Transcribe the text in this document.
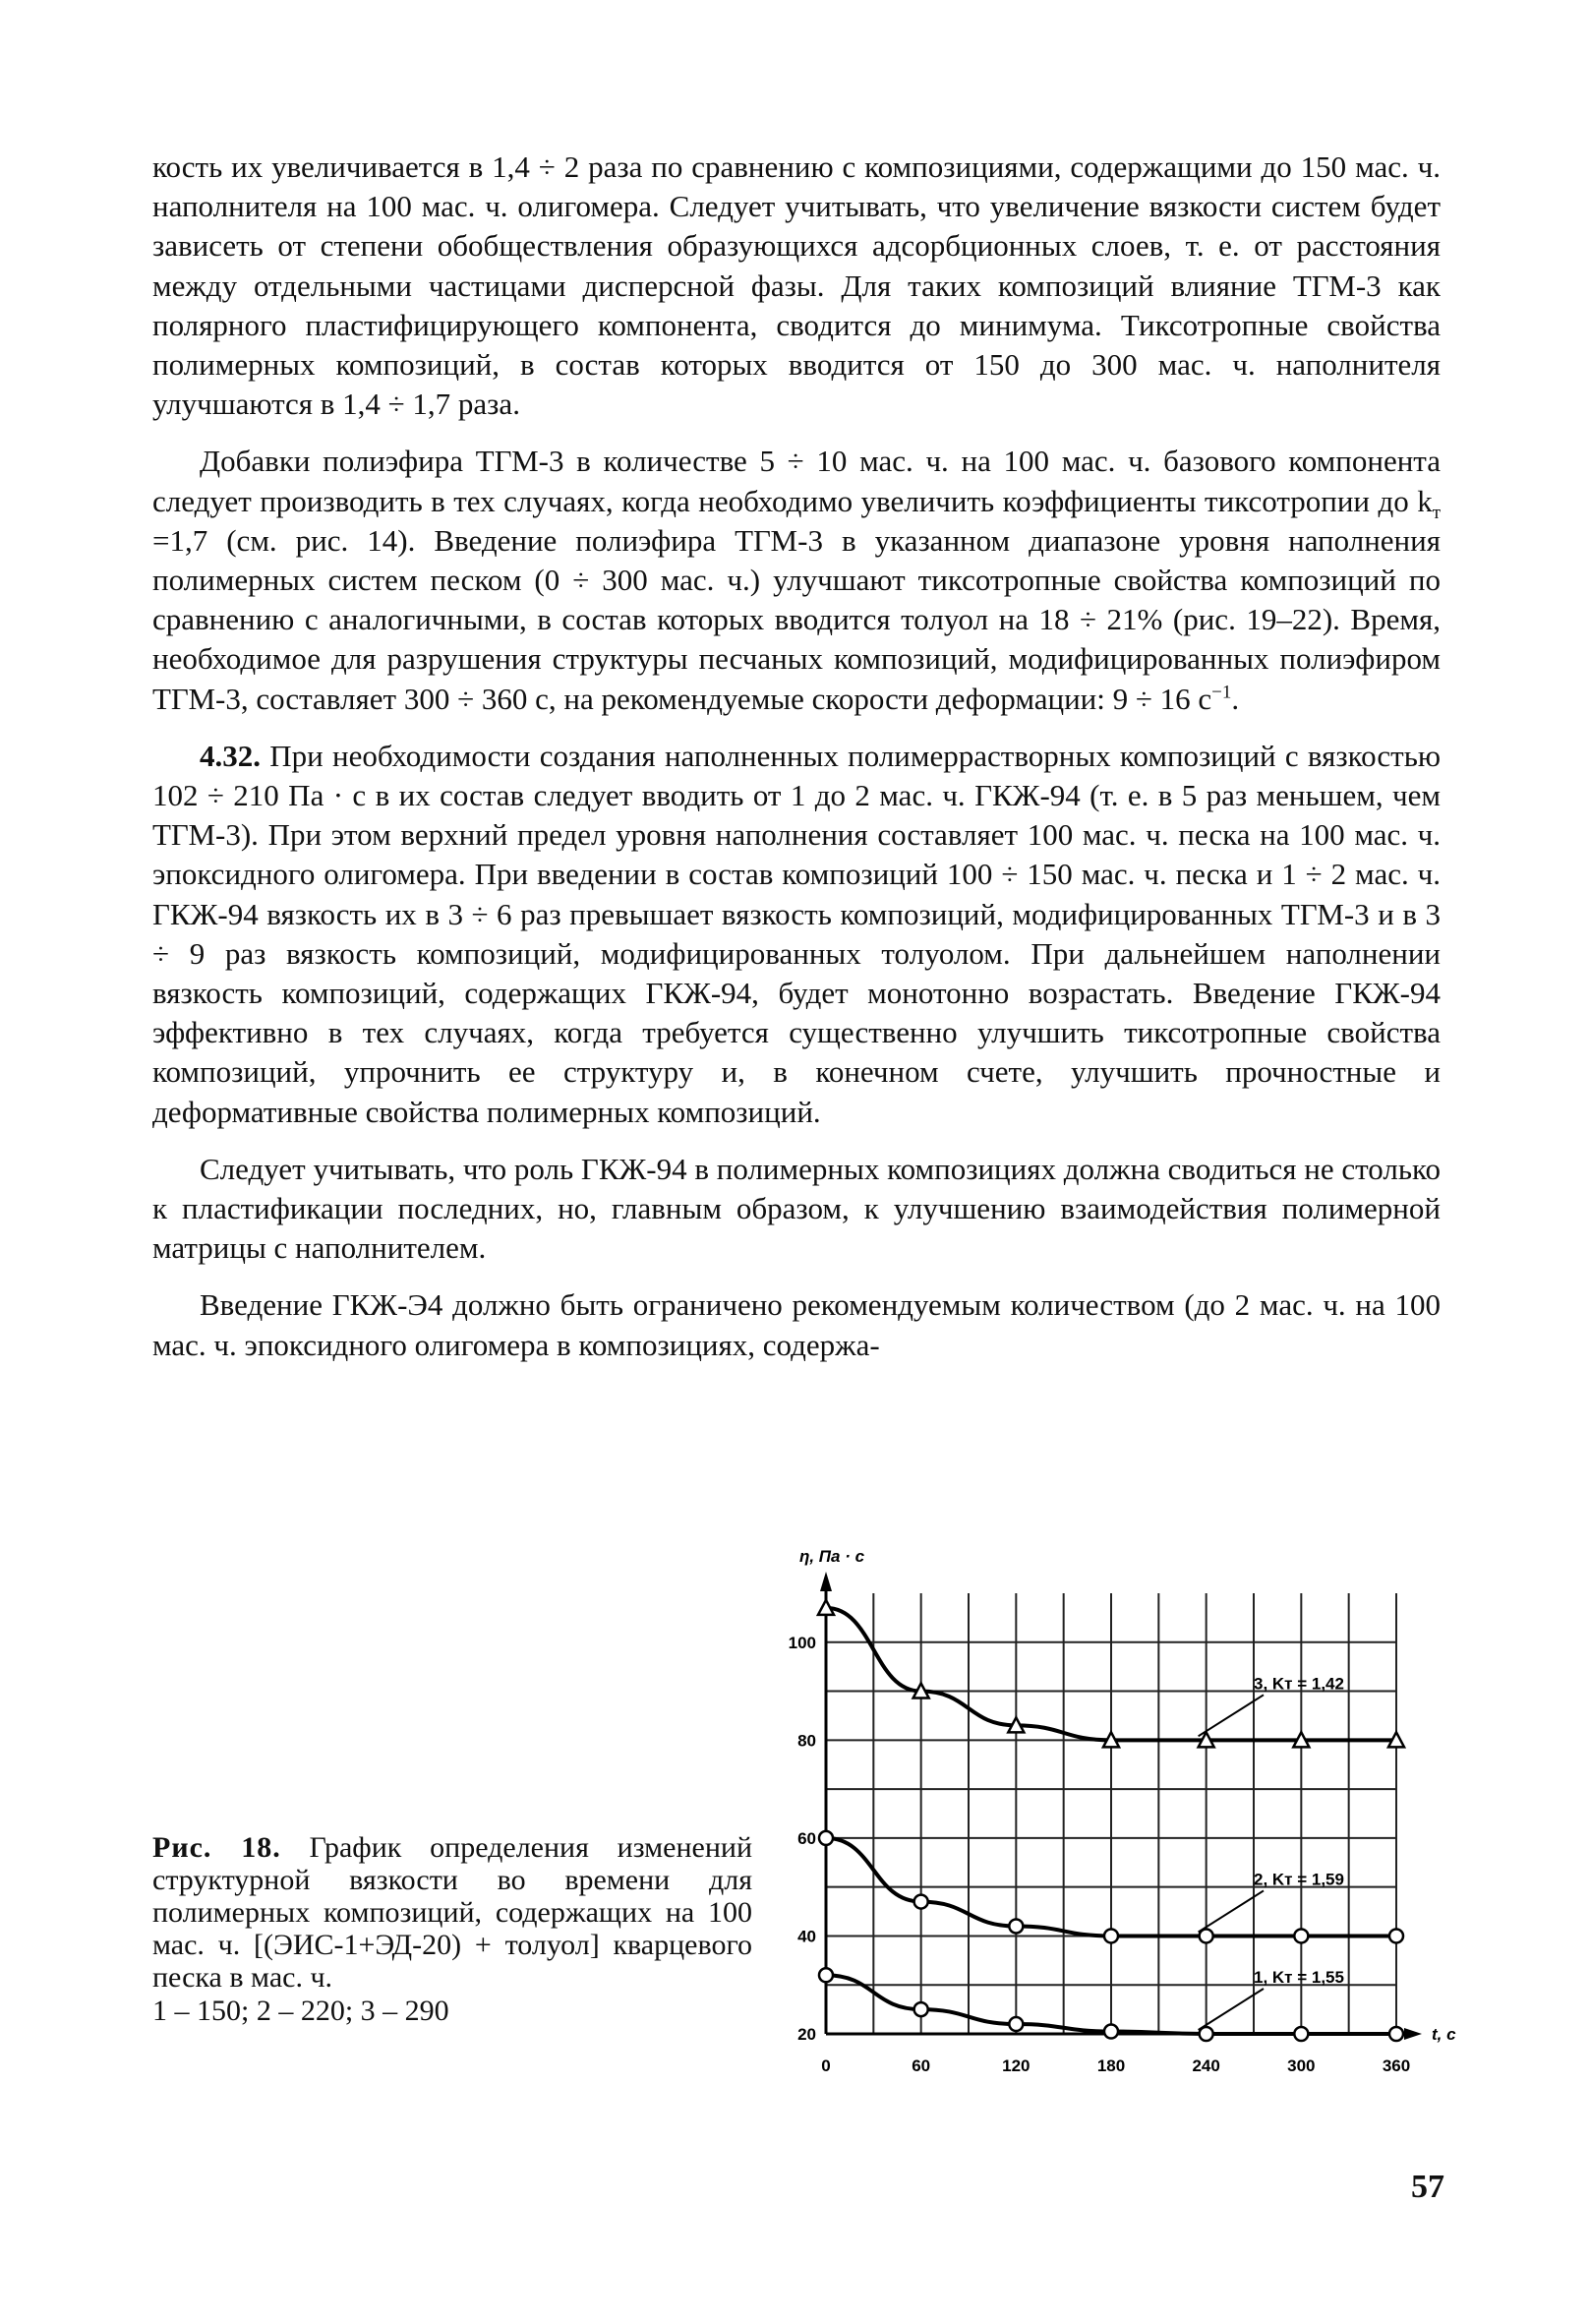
кость их увеличивается в 1,4 ÷ 2 раза по сравнению с композициями, содержащими до 150 мас. ч. наполнителя на 100 мас. ч. олигомера. Следует учитывать, что увеличение вязкости систем будет зависеть от степени обобществления образующихся адсорбционных слоев, т. е. от расстояния между отдельными частицами дисперсной фазы. Для таких композиций влияние ТГМ-3 как полярного пластифицирующего компонента, сводится до минимума. Тиксотропные свойства полимерных композиций, в состав которых вводится от 150 до 300 мас. ч. наполнителя улучшаются в 1,4 ÷ 1,7 раза.

Добавки полиэфира ТГМ-3 в количестве 5 ÷ 10 мас. ч. на 100 мас. ч. базового компонента следует производить в тех случаях, когда необходимо увеличить коэффициенты тиксотропии до $k_т =1,7$ (см. рис. 14). Введение полиэфира ТГМ-3 в указанном диапазоне уровня наполнения полимерных систем песком (0 ÷ 300 мас. ч.) улучшают тиксотропные свойства композиций по сравнению с аналогичными, в состав которых вводится толуол на 18 ÷ 21% (рис. 19–22). Время, необходимое для разрушения структуры песчаных композиций, модифицированных полиэфиром ТГМ-3, составляет 300 ÷ 360 с, на рекомендуемые скорости деформации: 9 ÷ 16 $с^{-1}$.

4.32. При необходимости создания наполненных полимеррастворных композиций с вязкостью 102 ÷ 210 Па · с в их состав следует вводить от 1 до 2 мас. ч. ГКЖ-94 (т. е. в 5 раз меньшем, чем ТГМ-3). При этом верхний предел уровня наполнения составляет 100 мас. ч. песка на 100 мас. ч. эпоксидного олигомера. При введении в состав композиций 100 ÷ 150 мас. ч. песка и 1 ÷ 2 мас. ч. ГКЖ-94 вязкость их в 3 ÷ 6 раз превышает вязкость композиций, модифицированных ТГМ-3 и в 3 ÷ 9 раз вязкость композиций, модифицированных толуолом. При дальнейшем наполнении вязкость композиций, содержащих ГКЖ-94, будет монотонно возрастать. Введение ГКЖ-94 эффективно в тех случаях, когда требуется существенно улучшить тиксотропные свойства композиций, упрочнить ее структуру и, в конечном счете, улучшить прочностные и деформативные свойства полимерных композиций.

Следует учитывать, что роль ГКЖ-94 в полимерных композициях должна сводиться не столько к пластификации последних, но, главным образом, к улучшению взаимодействия полимерной матрицы с наполнителем.

Введение ГКЖ-Э4 должно быть ограничено рекомендуемым количеством (до 2 мас. ч. на 100 мас. ч. эпоксидного олигомера в композициях, содержа-

Рис. 18. График определения изменений структурной вязкости во времени для полимерных композиций, содержащих на 100 мас. ч. [(ЭИС-1+ЭД-20) + толуол] кварцевого песка в мас. ч.
1 – 150; 2 – 220; 3 – 290
0	60	120	180	240	300	360
20
40
60
80
100
η, Па · с
t, с
3, Kт = 1,42
2, Kт = 1,59
1, Kт = 1,55
57
